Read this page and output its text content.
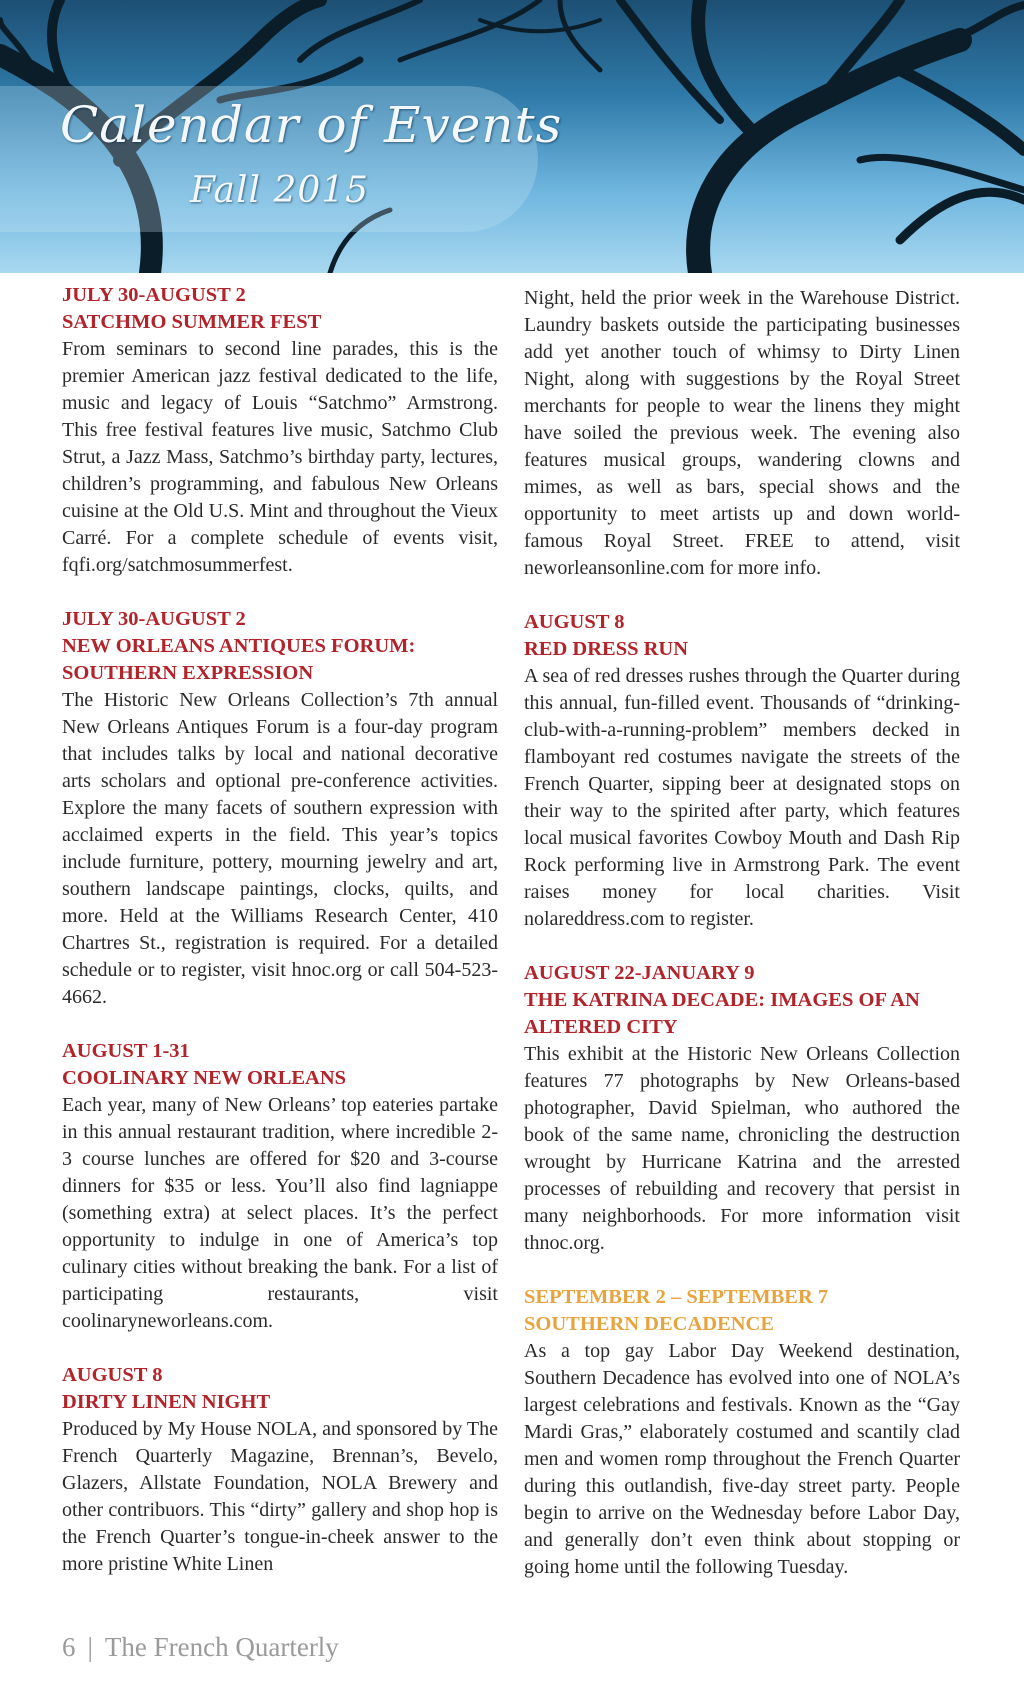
Calendar of Events
Fall 2015
JULY 30-AUGUST 2
SATCHMO SUMMER FEST
From seminars to second line parades, this is the premier American jazz festival dedicated to the life, music and legacy of Louis “Satchmo” Armstrong. This free festival features live music, Satchmo Club Strut, a Jazz Mass, Satchmo’s birthday party, lectures, children’s programming, and fabulous New Orleans cuisine at the Old U.S. Mint and throughout the Vieux Carré. For a complete schedule of events visit, fqfi.org/satchmosummerfest.
JULY 30-AUGUST 2
NEW ORLEANS ANTIQUES FORUM: SOUTHERN EXPRESSION
The Historic New Orleans Collection’s 7th annual New Orleans Antiques Forum is a four-day program that includes talks by local and national decorative arts scholars and optional pre-conference activities. Explore the many facets of southern expression with acclaimed experts in the field. This year’s topics include furniture, pottery, mourning jewelry and art, southern landscape paintings, clocks, quilts, and more. Held at the Williams Research Center, 410 Chartres St., registration is required. For a detailed schedule or to register, visit hnoc.org or call 504-523-4662.
AUGUST 1-31
COOLINARY NEW ORLEANS
Each year, many of New Orleans’ top eateries partake in this annual restaurant tradition, where incredible 2-3 course lunches are offered for $20 and 3-course dinners for $35 or less. You’ll also find lagniappe (something extra) at select places. It’s the perfect opportunity to indulge in one of America’s top culinary cities without breaking the bank. For a list of participating restaurants, visit coolinaryneworleans.com.
AUGUST 8
DIRTY LINEN NIGHT
Produced by My House NOLA, and sponsored by The French Quarterly Magazine, Brennan’s, Bevelo, Glazers, Allstate Foundation, NOLA Brewery and other contribuors. This “dirty” gallery and shop hop is the French Quarter’s tongue-in-cheek answer to the more pristine White Linen
Night, held the prior week in the Warehouse District. Laundry baskets outside the participating businesses add yet another touch of whimsy to Dirty Linen Night, along with suggestions by the Royal Street merchants for people to wear the linens they might have soiled the previous week. The evening also features musical groups, wandering clowns and mimes, as well as bars, special shows and the opportunity to meet artists up and down world-famous Royal Street. FREE to attend, visit neworleansonline.com for more info.
AUGUST 8
RED DRESS RUN
A sea of red dresses rushes through the Quarter during this annual, fun-filled event. Thousands of “drinking-club-with-a-running-problem” members decked in flamboyant red costumes navigate the streets of the French Quarter, sipping beer at designated stops on their way to the spirited after party, which features local musical favorites Cowboy Mouth and Dash Rip Rock performing live in Armstrong Park. The event raises money for local charities. Visit nolareddress.com to register.
AUGUST 22-JANUARY 9
THE KATRINA DECADE: IMAGES OF AN ALTERED CITY
This exhibit at the Historic New Orleans Collection features 77 photographs by New Orleans-based photographer, David Spielman, who authored the book of the same name, chronicling the destruction wrought by Hurricane Katrina and the arrested processes of rebuilding and recovery that persist in many neighborhoods. For more information visit thnoc.org.
SEPTEMBER 2 – SEPTEMBER 7
SOUTHERN DECADENCE
As a top gay Labor Day Weekend destination, Southern Decadence has evolved into one of NOLA’s largest celebrations and festivals. Known as the “Gay Mardi Gras,” elaborately costumed and scantily clad men and women romp throughout the French Quarter during this outlandish, five-day street party. People begin to arrive on the Wednesday before Labor Day, and generally don’t even think about stopping or going home until the following Tuesday.
6 | The French Quarterly
